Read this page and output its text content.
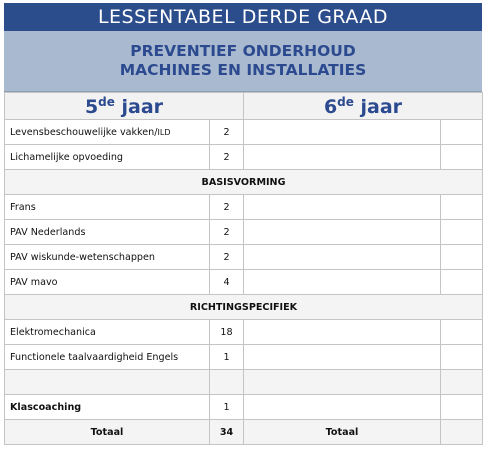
LESSENTABEL DERDE GRAAD
PREVENTIEF ONDERHOUD
MACHINES EN INSTALLATIES
5de jaar		6de jaar	
Levensbeschouwelijke vakken/ILD	2		
Lichamelijke opvoeding	2		
BASISVORMING			
Frans	2		
PAV Nederlands	2		
PAV wiskunde-wetenschappen	2		
PAV mavo	4		
RICHTINGSPECIFIEK			
Elektromechanica	18		
Functionele taalvaardigheid Engels	1		

Klascoaching	1		
Totaal	34	Totaal	
